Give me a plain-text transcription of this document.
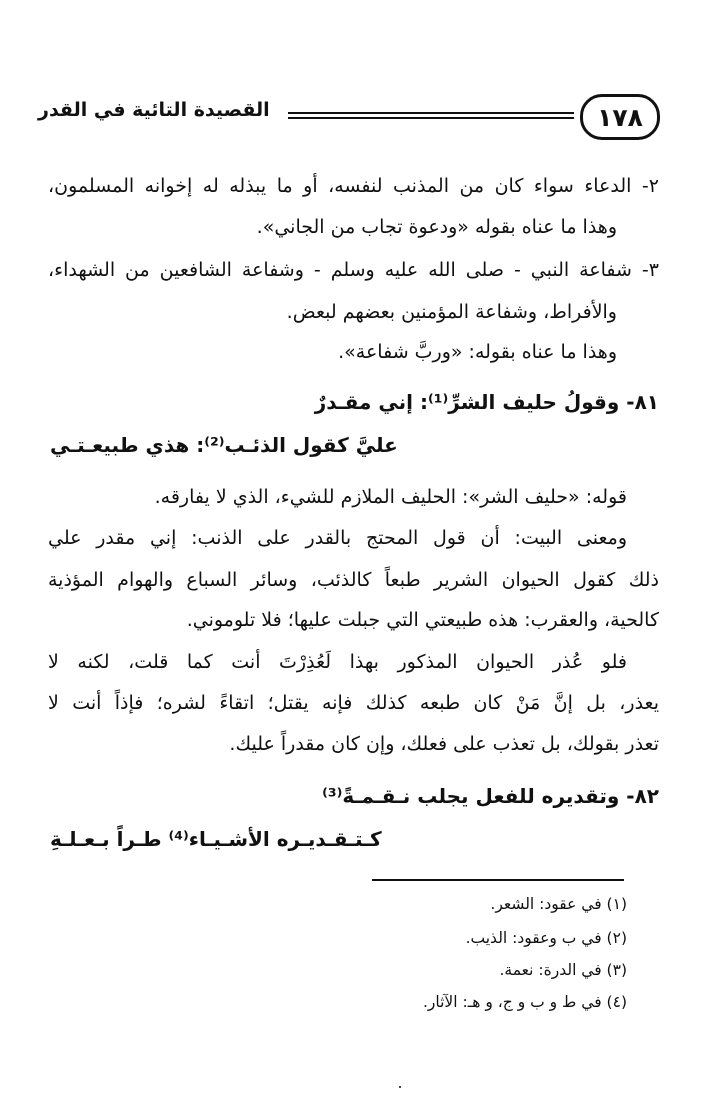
١٧٨
القصيدة التائية في القدر
٢- الدعاء سواء كان من المذنب لنفسه، أو ما يبذله له إخوانه المسلمون،
وهذا ما عناه بقوله «ودعوة تجاب من الجاني».
٣- شفاعة النبي - صلى الله عليه وسلم - وشفاعة الشافعين من الشهداء،
والأفراط، وشفاعة المؤمنين بعضهم لبعض.
وهذا ما عناه بقوله: «وربَّ شفاعة».
٨١- وقولُ حليف الشرِّ⁽¹⁾: إني مقـدرٌ
عليَّ كقول الذئـب⁽²⁾: هذي طبيعـتـي
قوله: «حليف الشر»: الحليف الملازم للشيء، الذي لا يفارقه.
ومعنى البيت: أن قول المحتج بالقدر على الذنب: إني مقدر علي
ذلك كقول الحيوان الشرير طبعاً كالذئب، وسائر السباع والهوام المؤذية
كالحية، والعقرب: هذه طبيعتي التي جبلت عليها؛ فلا تلوموني.
فلو عُذر الحيوان المذكور بهذا لَعُذِرْتَ أنت كما قلت، لكنه لا
يعذر، بل إنَّ مَنْ كان طبعه كذلك فإنه يقتل؛ اتقاءً لشره؛ فإذاً أنت لا
تعذر بقولك، بل تعذب على فعلك، وإن كان مقدراً عليك.
٨٢- وتقديره للفعل يجلب نـقـمـةً⁽³⁾
كـتـقـديـره الأشـيـاء⁽⁴⁾ طـراً بـعـلـةِ
(١) في عقود: الشعر.
(٢) في ب وعقود: الذيب.
(٣) في الدرة: نعمة.
(٤) في ط و ب و ج، و هـ: الآثار.
